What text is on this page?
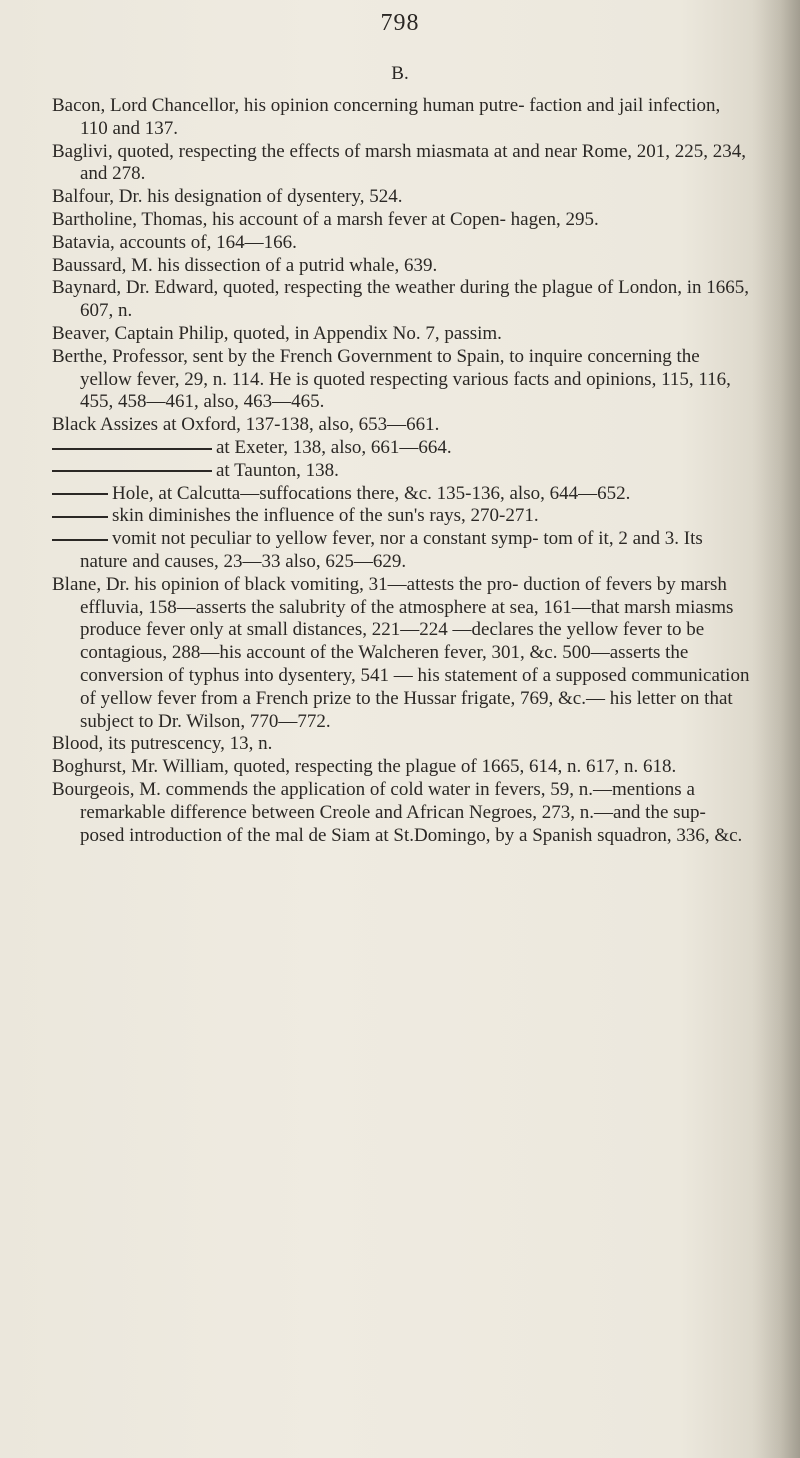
798
B.

Bacon, Lord Chancellor, his opinion concerning human putre- faction and jail infection, 110 and 137.

Baglivi, quoted, respecting the effects of marsh miasmata at and near Rome, 201, 225, 234, and 278.

Balfour, Dr. his designation of dysentery, 524.

Bartholine, Thomas, his account of a marsh fever at Copen- hagen, 295.

Batavia, accounts of, 164—166.

Baussard, M. his dissection of a putrid whale, 639.

Baynard, Dr. Edward, quoted, respecting the weather during the plague of London, in 1665, 607, n.

Beaver, Captain Philip, quoted, in Appendix No. 7, passim.

Berthe, Professor, sent by the French Government to Spain, to inquire concerning the yellow fever, 29, n. 114. He is quoted respecting various facts and opinions, 115, 116, 455, 458—461, also, 463—465.

Black Assizes at Oxford, 137-138, also, 653—661.

at Exeter, 138, also, 661—664.

at Taunton, 138.

Hole, at Calcutta—suffocations there, &c. 135-136, also, 644—652.

skin diminishes the influence of the sun's rays, 270-271.

vomit not peculiar to yellow fever, nor a constant symp- tom of it, 2 and 3. Its nature and causes, 23—33 also, 625—629.

Blane, Dr. his opinion of black vomiting, 31—attests the pro- duction of fevers by marsh effluvia, 158—asserts the salubrity of the atmosphere at sea, 161—that marsh miasms produce fever only at small distances, 221—224 —declares the yellow fever to be contagious, 288—his account of the Walcheren fever, 301, &c. 500—asserts the conversion of typhus into dysentery, 541 — his statement of a supposed communication of yellow fever from a French prize to the Hussar frigate, 769, &c.— his letter on that subject to Dr. Wilson, 770—772.

Blood, its putrescency, 13, n.

Boghurst, Mr. William, quoted, respecting the plague of 1665, 614, n. 617, n. 618.

Bourgeois, M. commends the application of cold water in fevers, 59, n.—mentions a remarkable difference between Creole and African Negroes, 273, n.—and the sup- posed introduction of the mal de Siam at St.Domingo, by a Spanish squadron, 336, &c.
